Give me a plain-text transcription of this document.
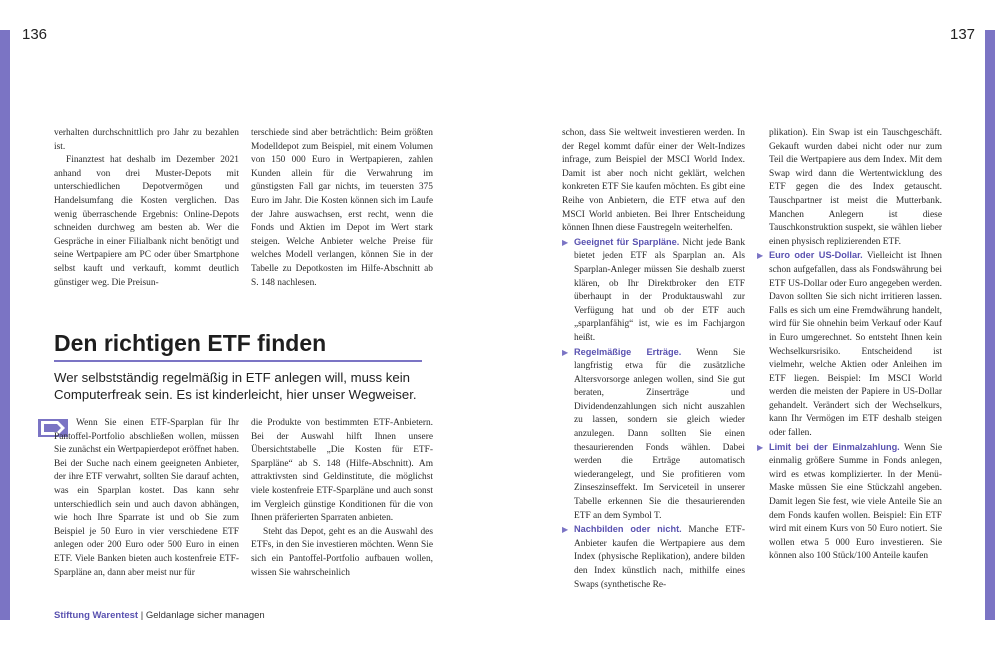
136	137

verhalten durchschnittlich pro Jahr zu bezahlen ist.

Finanztest hat deshalb im Dezember 2021 anhand von drei Muster-Depots mit unterschiedlichen Depotvermögen und Handelsumfang die Kosten verglichen. Das wenig überraschende Ergebnis: Online-Depots schneiden durchweg am besten ab. Wer die Gespräche in einer Filialbank nicht benötigt und seine Wertpapiere am PC oder über Smartphone selbst kauft und verkauft, kommt deutlich günstiger weg. Die Preisun-

terschiede sind aber beträchtlich: Beim größten Modelldepot zum Beispiel, mit einem Volumen von 150 000 Euro in Wertpapieren, zahlen Kunden allein für die Verwahrung im günstigsten Fall gar nichts, im teuersten 375 Euro im Jahr. Die Kosten können sich im Laufe der Jahre auswachsen, erst recht, wenn die Fonds und Aktien im Depot im Wert stark steigen. Welche Anbieter welche Preise für welches Modell verlangen, können Sie in der Tabelle zu Depotkosten im Hilfe-Abschnitt ab S. 148 nachlesen.

Den richtigen ETF finden
Wer selbstständig regelmäßig in ETF anlegen will, muss kein Computerfreak sein. Es ist kinderleicht, hier unser Wegweiser.

Wenn Sie einen ETF-Sparplan für Ihr Pantoffel-Portfolio abschließen wollen, müssen Sie zunächst ein Wertpapierdepot eröffnet haben. Bei der Suche nach einem geeigneten Anbieter, der ihre ETF verwahrt, sollten Sie darauf achten, was ein Sparplan kostet. Das kann sehr unterschiedlich sein und auch davon abhängen, wie hoch Ihre Sparrate ist und ob Sie zum Beispiel je 50 Euro in vier verschiedene ETF anlegen oder 200 Euro oder 500 Euro in einen ETF. Viele Banken bieten auch kostenfreie ETF-Sparpläne an, dann aber meist nur für

die Produkte von bestimmten ETF-Anbietern. Bei der Auswahl hilft Ihnen unsere Übersichtstabelle „Die Kosten für ETF-Sparpläne“ ab S. 148 (Hilfe-Abschnitt). Am attraktivsten sind Geldinstitute, die möglichst viele kostenfreie ETF-Sparpläne und auch sonst im Vergleich günstige Konditionen für die von Ihnen präferierten Sparraten anbieten.

Steht das Depot, geht es an die Auswahl des ETFs, in den Sie investieren möchten. Wenn Sie sich ein Pantoffel-Portfolio aufbauen wollen, wissen Sie wahrscheinlich

schon, dass Sie weltweit investieren werden. In der Regel kommt dafür einer der Welt-Indizes infrage, zum Beispiel der MSCI World Index. Damit ist aber noch nicht geklärt, welchen konkreten ETF Sie kaufen möchten. Es gibt eine Reihe von Anbietern, die ETF etwa auf den MSCI World anbieten. Bei Ihrer Entscheidung können Ihnen diese Faustregeln weiterhelfen.

▶ Geeignet für Sparpläne. Nicht jede Bank bietet jeden ETF als Sparplan an. Als Sparplan-Anleger müssen Sie deshalb zuerst klären, ob Ihr Direktbroker den ETF überhaupt in der Produktauswahl zur Verfügung hat und ob der ETF auch „sparplanfähig“ ist, wie es im Fachjargon heißt.
▶ Regelmäßige Erträge. Wenn Sie langfristig etwa für die zusätzliche Altersvorsorge anlegen wollen, sind Sie gut beraten, Zinserträge und Dividendenzahlungen sich nicht auszahlen zu lassen, sondern sie gleich wieder anzulegen. Dann sollten Sie einen thesaurierenden Fonds wählen. Dabei werden die Erträge automatisch wiederangelegt, und Sie profitieren vom Zinseszinseffekt. Im Serviceteil in unserer Tabelle erkennen Sie die thesaurierenden ETF an dem Symbol T.
▶ Nachbilden oder nicht. Manche ETF-Anbieter kaufen die Wertpapiere aus dem Index (physische Replikation), andere bilden den Index künstlich nach, mithilfe eines Swaps (synthetische Re-

plikation). Ein Swap ist ein Tauschgeschäft. Gekauft wurden dabei nicht oder nur zum Teil die Wertpapiere aus dem Index. Mit dem Swap wird dann die Wertentwicklung des ETF gegen die des Index getauscht. Tauschpartner ist meist die Mutterbank. Manchen Anlegern ist diese Tauschkonstruktion suspekt, sie wählen lieber einen physisch replizierenden ETF.

▶ Euro oder US-Dollar. Vielleicht ist Ihnen schon aufgefallen, dass als Fondswährung bei ETF US-Dollar oder Euro angegeben werden. Davon sollten Sie sich nicht irritieren lassen. Falls es sich um eine Fremdwährung handelt, wird für Sie ohnehin beim Verkauf oder Kauf in Euro umgerechnet. So entsteht Ihnen kein Wechselkursrisiko. Entscheidend ist vielmehr, welche Aktien oder Anleihen im ETF liegen. Beispiel: Im MSCI World werden die meisten der Papiere in US-Dollar gehandelt. Verändert sich der Wechselkurs, kann Ihr Vermögen im ETF deshalb steigen oder fallen.
▶ Limit bei der Einmalzahlung. Wenn Sie einmalig größere Summe in Fonds anlegen, wird es etwas komplizierter. In der Menü-Maske müssen Sie eine Stückzahl angeben. Damit legen Sie fest, wie viele Anteile Sie an dem Fonds kaufen wollen. Beispiel: Ein ETF wird mit einem Kurs von 50 Euro notiert. Sie wollen etwa 5 000 Euro investieren. Sie können also 100 Stück/100 Anteile kaufen
Stiftung Warentest | Geldanlage sicher managen
